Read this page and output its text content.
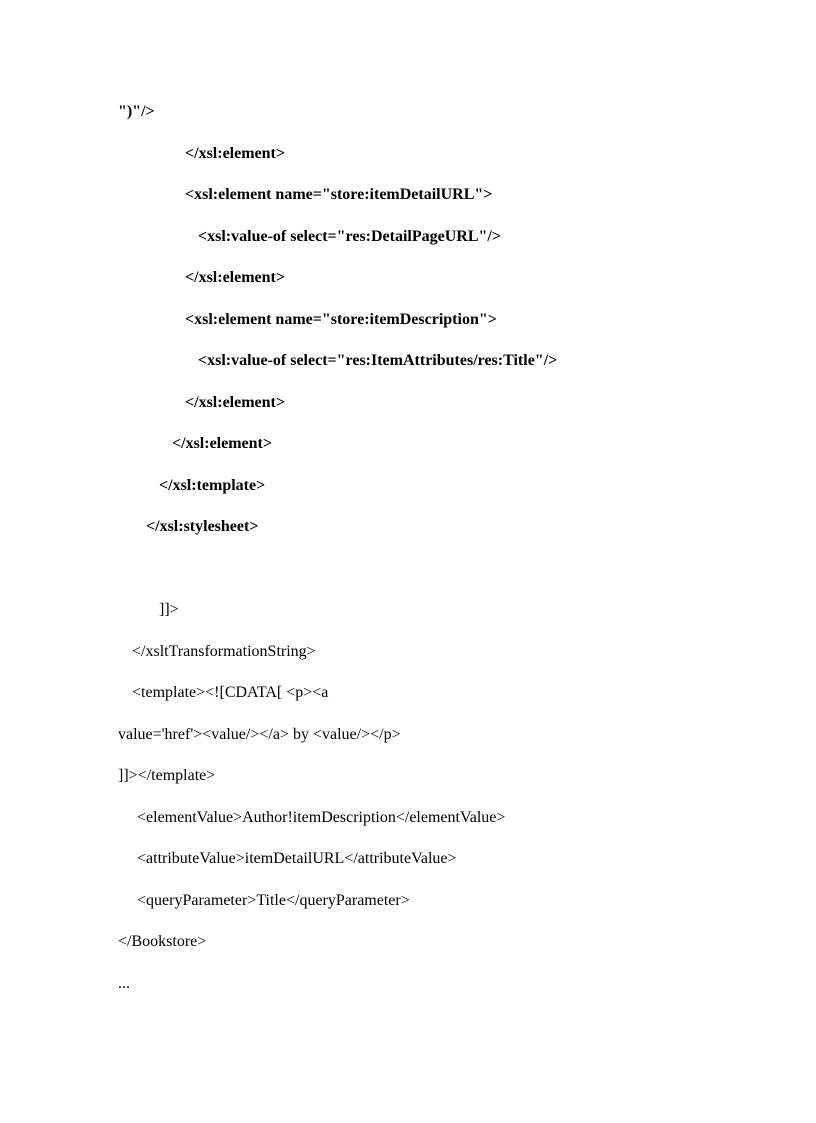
")"/>
</xsl:element>
<xsl:element name="store:itemDetailURL">
<xsl:value-of select="res:DetailPageURL"/>
</xsl:element>
<xsl:element name="store:itemDescription">
<xsl:value-of select="res:ItemAttributes/res:Title"/>
</xsl:element>
</xsl:element>
</xsl:template>
</xsl:stylesheet>
]]>
</xsltTransformationString>
<template><![CDATA[ <p><a
value='href'><value/></a> by <value/></p>
]]></template>
<elementValue>Author!itemDescription</elementValue>
<attributeValue>itemDetailURL</attributeValue>
<queryParameter>Title</queryParameter>
</Bookstore>
...
